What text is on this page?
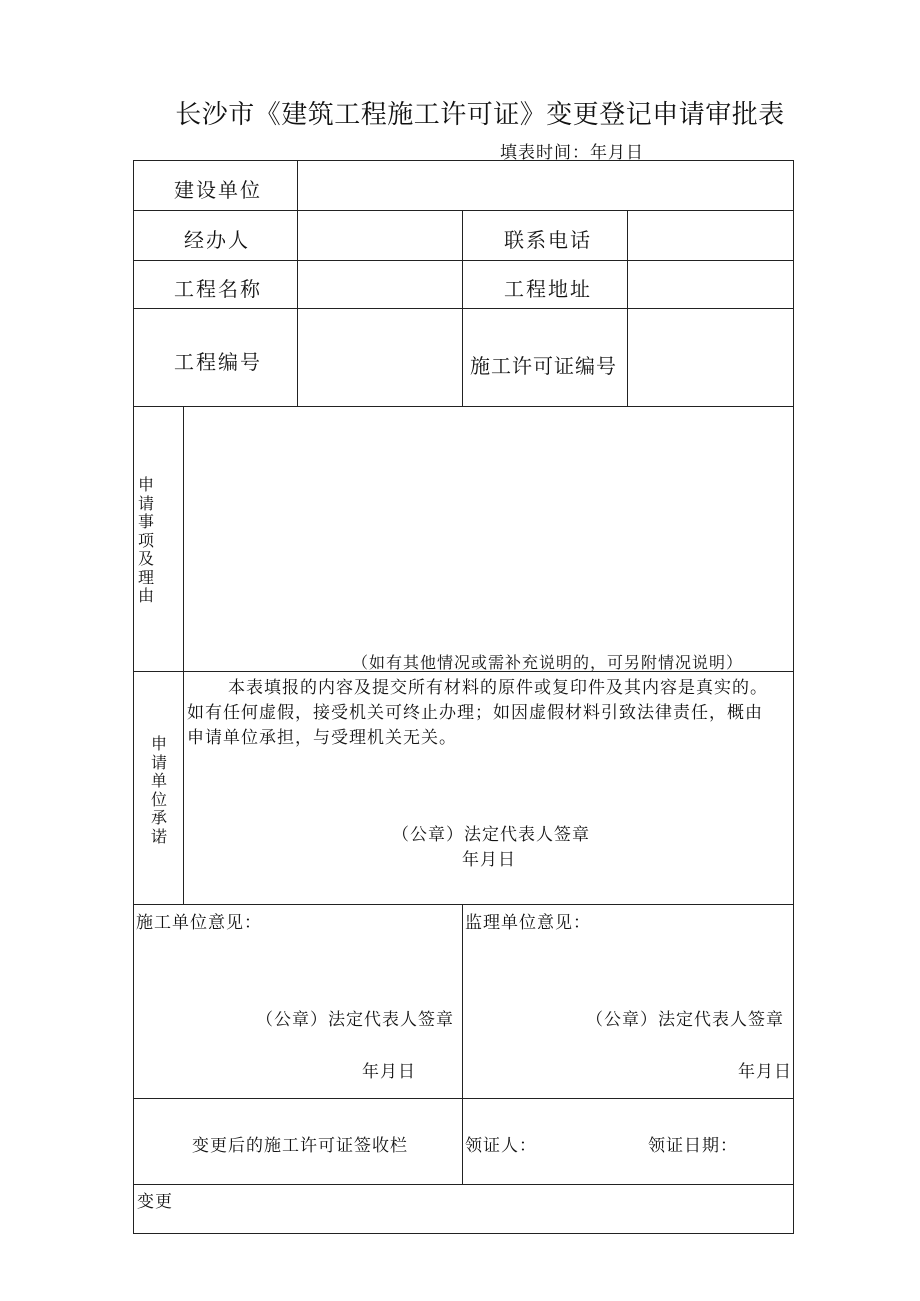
长沙市《建筑工程施工许可证》变更登记申请审批表
填表时间：年月日
建设单位
经办人	联系电话
工程名称	工程地址
工程编号	施工许可证编号
申请事项及理由
（如有其他情况或需补充说明的，可另附情况说明）
申请单位承诺
本表填报的内容及提交所有材料的原件或复印件及其内容是真实的。
如有任何虚假，接受机关可终止办理；如因虚假材料引致法律责任，概由
申请单位承担，与受理机关无关。
（公章）法定代表人签章
年月日
施工单位意见：
（公章）法定代表人签章
年月日
监理单位意见：
（公章）法定代表人签章
年月日
变更后的施工许可证签收栏	领证人：	领证日期：
变更
